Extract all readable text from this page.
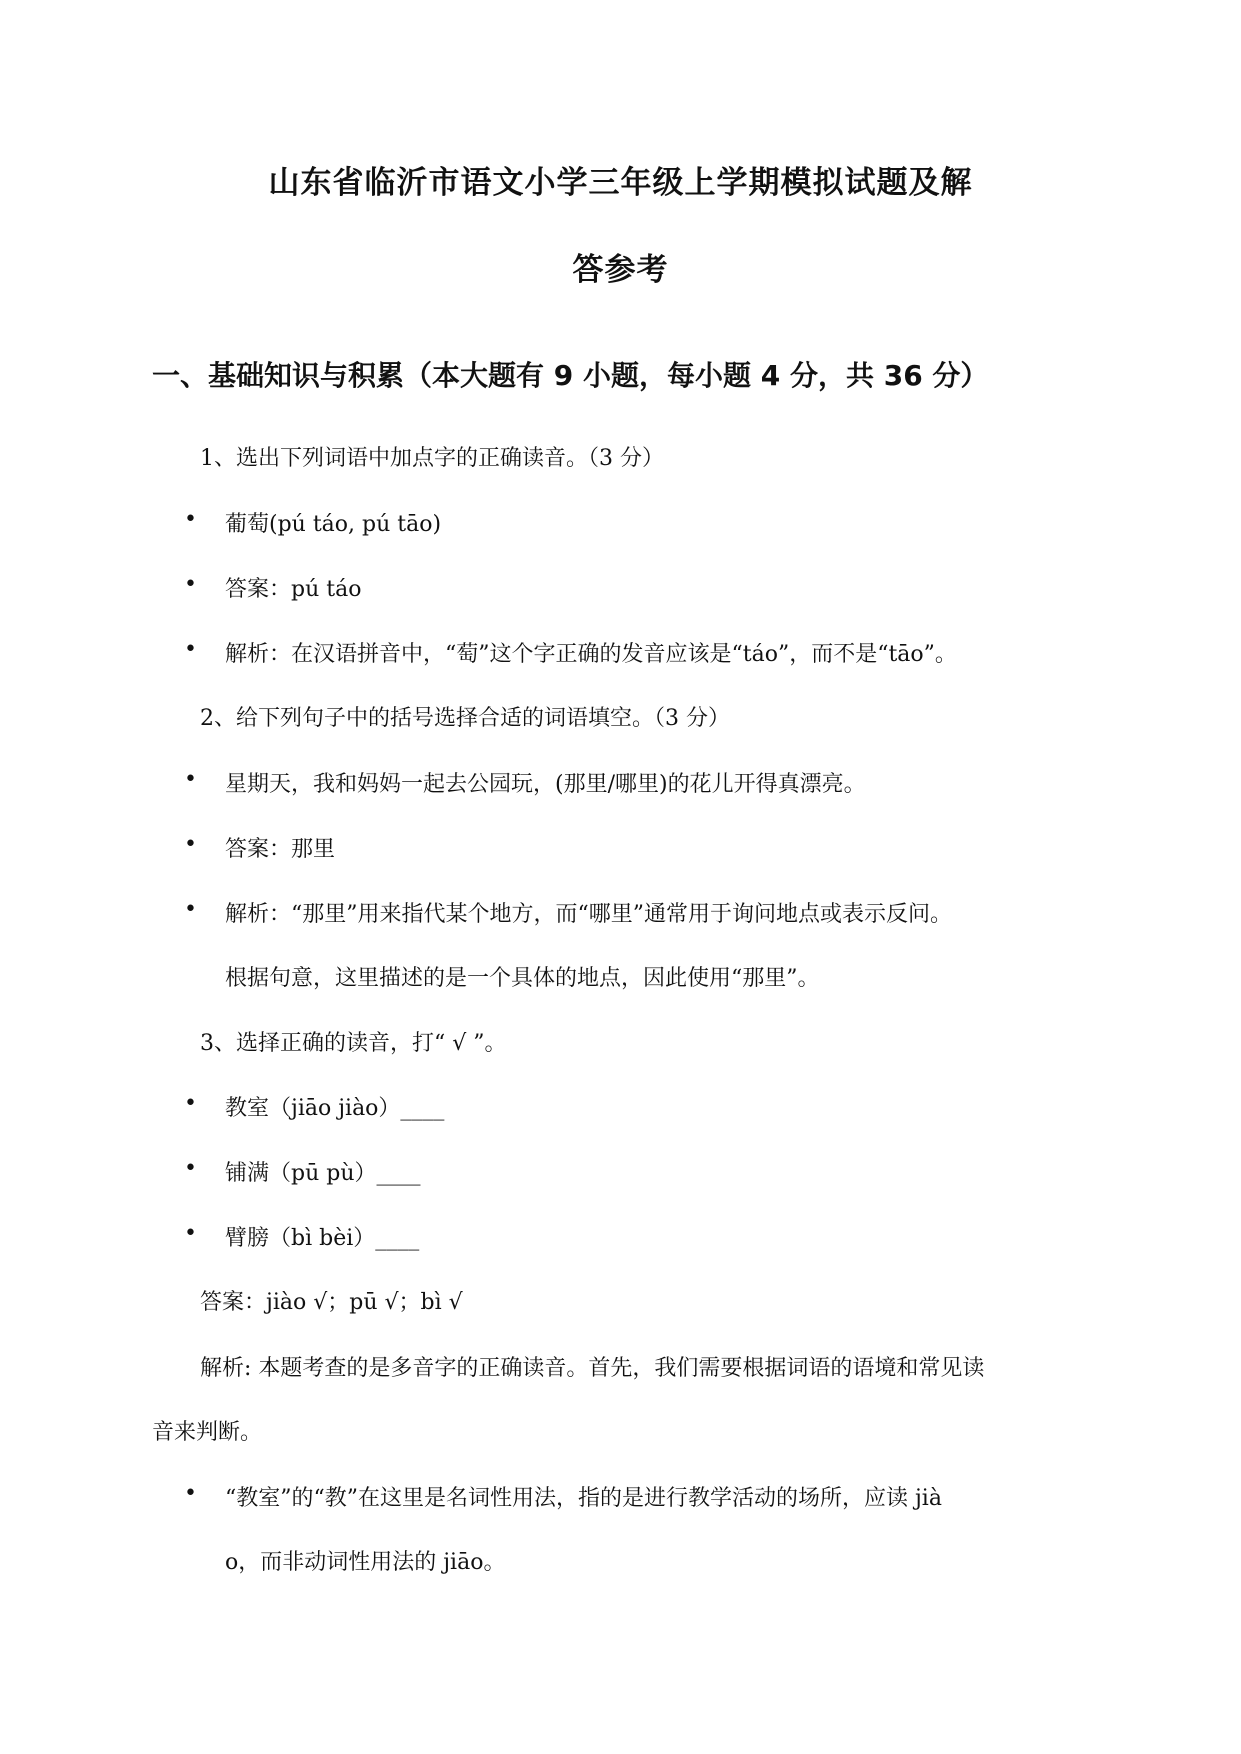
山东省临沂市语文小学三年级上学期模拟试题及解
答参考
一、基础知识与积累（本大题有 9 小题，每小题 4 分，共 36 分）

1、选出下列词语中加点字的正确读音。（3 分）

• 葡萄(pú táo, pú tāo)
• 答案：pú táo
• 解析：在汉语拼音中，“萄”这个字正确的发音应该是“táo”，而不是“tāo”。

2、给下列句子中的括号选择合适的词语填空。（3 分）

• 星期天，我和妈妈一起去公园玩，(那里/哪里)的花儿开得真漂亮。
• 答案：那里
• 解析：“那里”用来指代某个地方，而“哪里”通常用于询问地点或表示反问。

根据句意，这里描述的是一个具体的地点，因此使用“那里”。

3、选择正确的读音，打“ √ ”。

• 教室（jiāo jiào）____
• 铺满（pū pù）____
• 臂膀（bì bèi）____

答案：jiào √；pū √；bì √

解析: 本题考查的是多音字的正确读音。首先，我们需要根据词语的语境和常见读

音来判断。

• “教室”的“教”在这里是名词性用法，指的是进行教学活动的场所，应读 jià

o，而非动词性用法的 jiāo。
